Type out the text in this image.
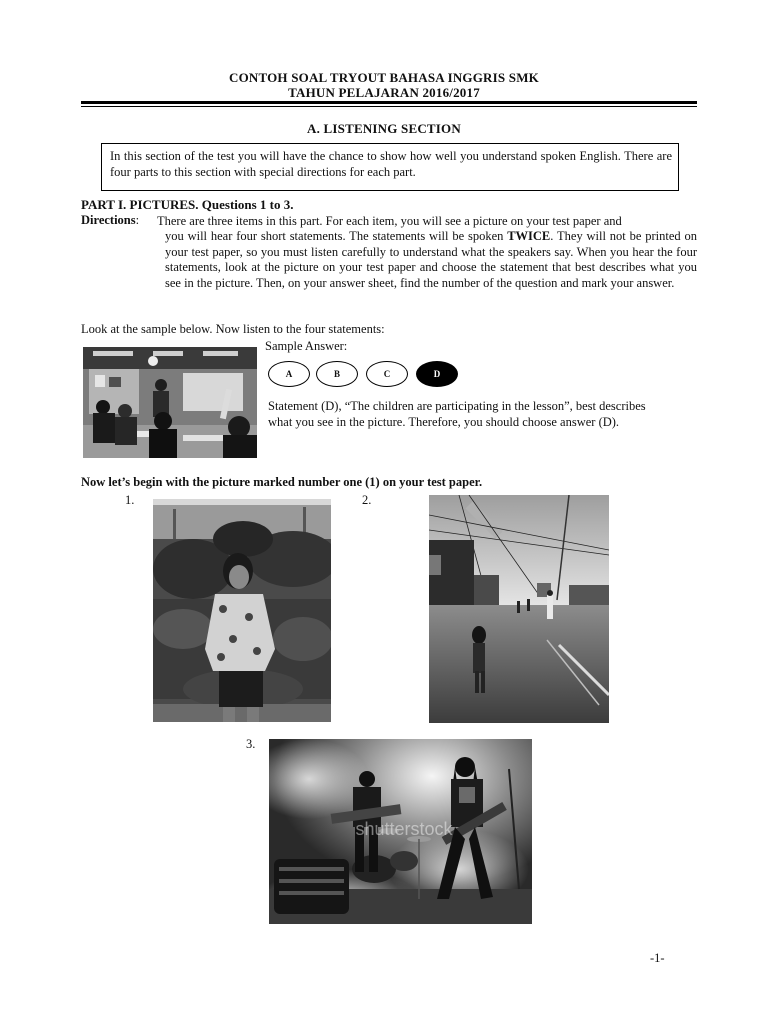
CONTOH SOAL TRYOUT BAHASA INGGRIS SMK
TAHUN PELAJARAN 2016/2017
A. LISTENING SECTION
In this section of the test you will have the chance to show how well you understand spoken English. There are four parts to this section with special directions for each part.
PART I. PICTURES. Questions 1 to 3.
Directions: There are three items in this part. For each item, you will see a picture on your test paper and
you will hear four short statements. The statements will be spoken TWICE. They will not be printed on your test paper, so you must listen carefully to understand what the speakers say. When you hear the four statements, look at the picture on your test paper and choose the statement that best describes what you see in the picture. Then, on your answer sheet, find the number of the question and mark your answer.
Look at the sample below. Now listen to the four statements:
Sample Answer:
A	B	C	D
Statement (D), “The children are participating in the lesson”, best describes what you see in the picture. Therefore, you should choose answer (D).
Now let’s begin with the picture marked number one (1) on your test paper.
1.	2.
3.
shutterstock
-1-
